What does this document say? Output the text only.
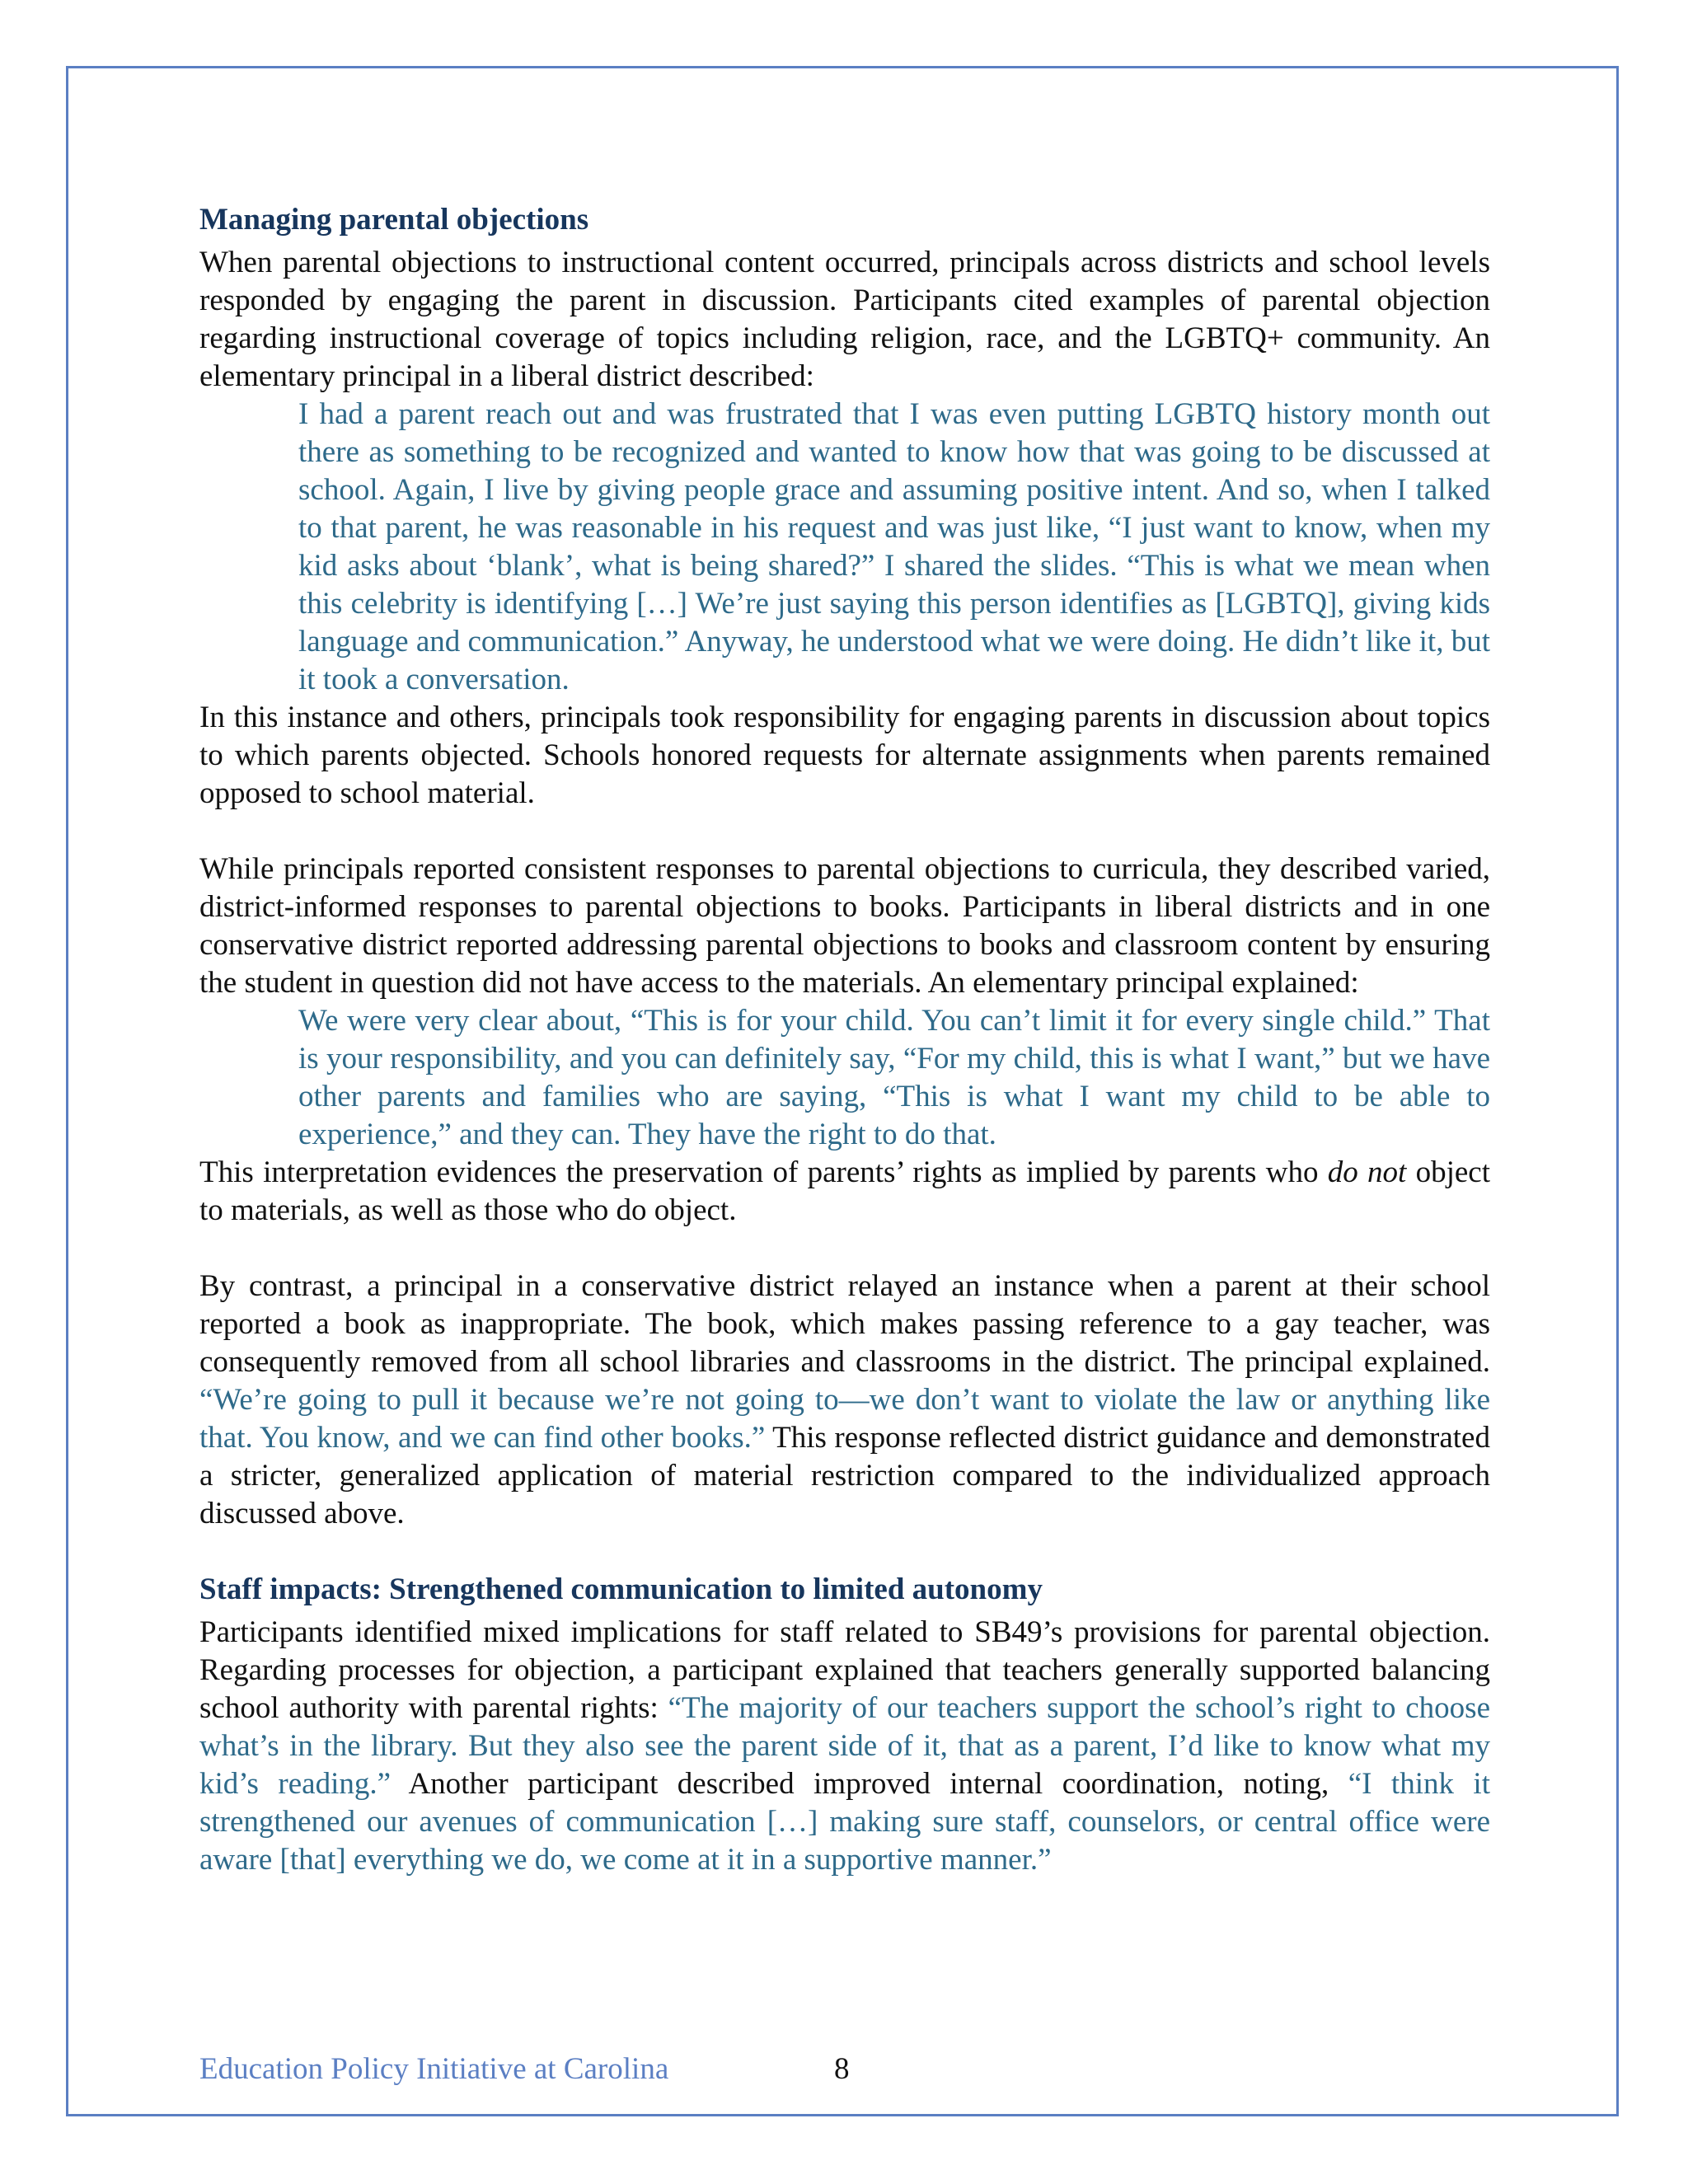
Managing parental objections

When parental objections to instructional content occurred, principals across districts and school levels responded by engaging the parent in discussion. Participants cited examples of parental objection regarding instructional coverage of topics including religion, race, and the LGBTQ+ community. An elementary principal in a liberal district described:

I had a parent reach out and was frustrated that I was even putting LGBTQ history month out there as something to be recognized and wanted to know how that was going to be discussed at school. Again, I live by giving people grace and assuming positive intent. And so, when I talked to that parent, he was reasonable in his request and was just like, “I just want to know, when my kid asks about ‘blank’, what is being shared?” I shared the slides. “This is what we mean when this celebrity is identifying […] We’re just saying this person identifies as [LGBTQ], giving kids language and communication.” Anyway, he understood what we were doing. He didn’t like it, but it took a conversation.

In this instance and others, principals took responsibility for engaging parents in discussion about topics to which parents objected. Schools honored requests for alternate assignments when parents remained opposed to school material.

While principals reported consistent responses to parental objections to curricula, they described varied, district-informed responses to parental objections to books. Participants in liberal districts and in one conservative district reported addressing parental objections to books and classroom content by ensuring the student in question did not have access to the materials. An elementary principal explained:

We were very clear about, “This is for your child. You can’t limit it for every single child.” That is your responsibility, and you can definitely say, “For my child, this is what I want,” but we have other parents and families who are saying, “This is what I want my child to be able to experience,” and they can. They have the right to do that.

This interpretation evidences the preservation of parents’ rights as implied by parents who do not object to materials, as well as those who do object.

By contrast, a principal in a conservative district relayed an instance when a parent at their school reported a book as inappropriate. The book, which makes passing reference to a gay teacher, was consequently removed from all school libraries and classrooms in the district. The principal explained. “We’re going to pull it because we’re not going to—we don’t want to violate the law or anything like that. You know, and we can find other books.” This response reflected district guidance and demonstrated a stricter, generalized application of material restriction compared to the individualized approach discussed above.

Staff impacts: Strengthened communication to limited autonomy

Participants identified mixed implications for staff related to SB49’s provisions for parental objection. Regarding processes for objection, a participant explained that teachers generally supported balancing school authority with parental rights: “The majority of our teachers support the school’s right to choose what’s in the library. But they also see the parent side of it, that as a parent, I’d like to know what my kid’s reading.” Another participant described improved internal coordination, noting, “I think it strengthened our avenues of communication […] making sure staff, counselors, or central office were aware [that] everything we do, we come at it in a supportive manner.”

Education Policy Initiative at Carolina	8
